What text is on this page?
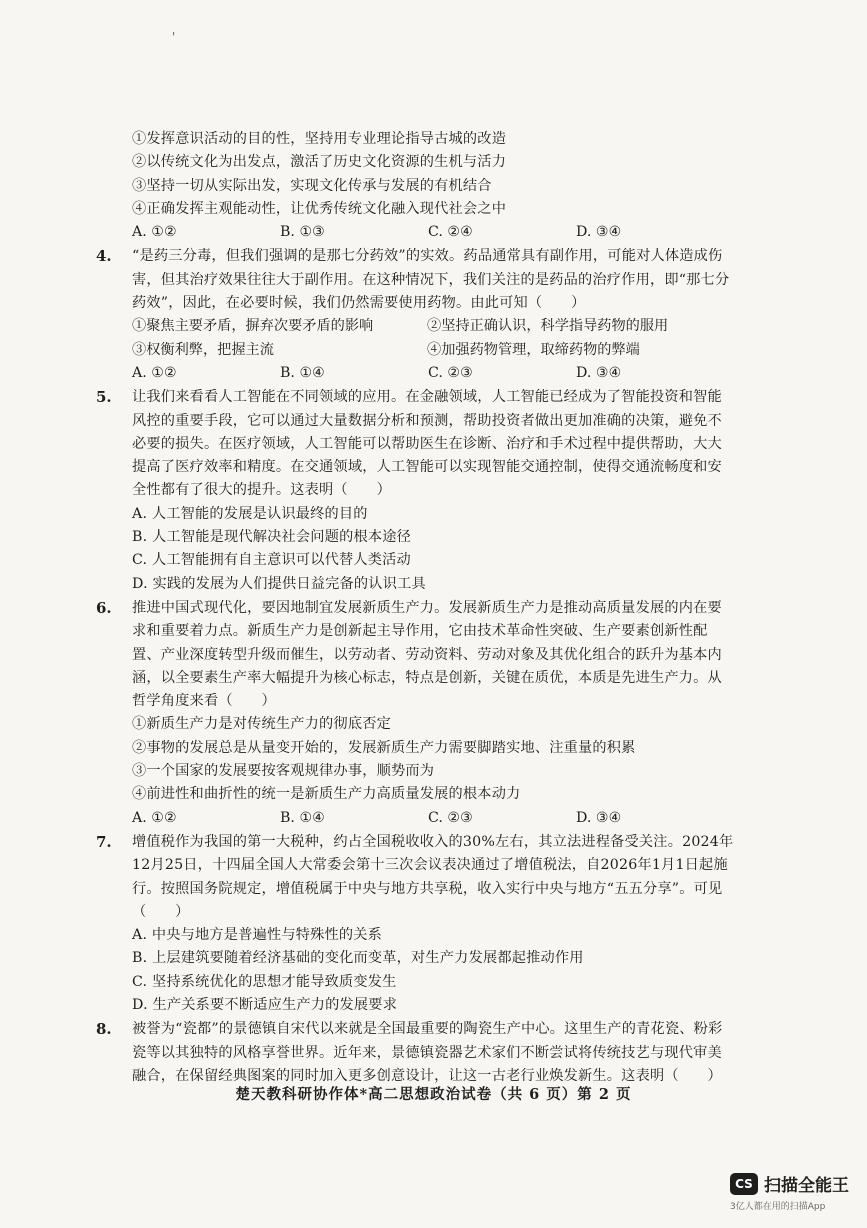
'
①发挥意识活动的目的性，坚持用专业理论指导古城的改造
②以传统文化为出发点，激活了历史文化资源的生机与活力
③坚持一切从实际出发，实现文化传承与发展的有机结合
④正确发挥主观能动性，让优秀传统文化融入现代社会之中
A. ①②	B. ①③	C. ②④	D. ③④
4. “是药三分毒，但我们强调的是那七分药效”的实效。药品通常具有副作用，可能对人体造成伤害，但其治疗效果往往大于副作用。在这种情况下，我们关注的是药品的治疗作用，即“那七分药效”，因此，在必要时候，我们仍然需要使用药物。由此可知（　　）
①聚焦主要矛盾，摒弃次要矛盾的影响	②坚持正确认识，科学指导药物的服用
③权衡利弊，把握主流	④加强药物管理，取缔药物的弊端
A. ①②	B. ①④	C. ②③	D. ③④
5. 让我们来看看人工智能在不同领域的应用。在金融领域，人工智能已经成为了智能投资和智能风控的重要手段，它可以通过大量数据分析和预测，帮助投资者做出更加准确的决策，避免不必要的损失。在医疗领域，人工智能可以帮助医生在诊断、治疗和手术过程中提供帮助，大大提高了医疗效率和精度。在交通领域，人工智能可以实现智能交通控制，使得交通流畅度和安全性都有了很大的提升。这表明（　　）
A. 人工智能的发展是认识最终的目的
B. 人工智能是现代解决社会问题的根本途径
C. 人工智能拥有自主意识可以代替人类活动
D. 实践的发展为人们提供日益完备的认识工具
6. 推进中国式现代化，要因地制宜发展新质生产力。发展新质生产力是推动高质量发展的内在要求和重要着力点。新质生产力是创新起主导作用，它由技术革命性突破、生产要素创新性配置、产业深度转型升级而催生，以劳动者、劳动资料、劳动对象及其优化组合的跃升为基本内涵，以全要素生产率大幅提升为核心标志，特点是创新，关键在质优，本质是先进生产力。从哲学角度来看（　　）
①新质生产力是对传统生产力的彻底否定
②事物的发展总是从量变开始的，发展新质生产力需要脚踏实地、注重量的积累
③一个国家的发展要按客观规律办事，顺势而为
④前进性和曲折性的统一是新质生产力高质量发展的根本动力
A. ①②	B. ①④	C. ②③	D. ③④
7. 增值税作为我国的第一大税种，约占全国税收收入的30%左右，其立法进程备受关注。2024年12月25日，十四届全国人大常委会第十三次会议表决通过了增值税法，自2026年1月1日起施行。按照国务院规定，增值税属于中央与地方共享税，收入实行中央与地方“五五分享”。可见（　　）
A. 中央与地方是普遍性与特殊性的关系
B. 上层建筑要随着经济基础的变化而变革，对生产力发展都起推动作用
C. 坚持系统优化的思想才能导致质变发生
D. 生产关系要不断适应生产力的发展要求
8. 被誉为“瓷都”的景德镇自宋代以来就是全国最重要的陶瓷生产中心。这里生产的青花瓷、粉彩瓷等以其独特的风格享誉世界。近年来，景德镇瓷器艺术家们不断尝试将传统技艺与现代审美融合，在保留经典图案的同时加入更多创意设计，让这一古老行业焕发新生。这表明（　　）
楚天教科研协作体*高二思想政治试卷（共 6 页）第 2 页
CS 扫描全能王
3亿人都在用的扫描App
